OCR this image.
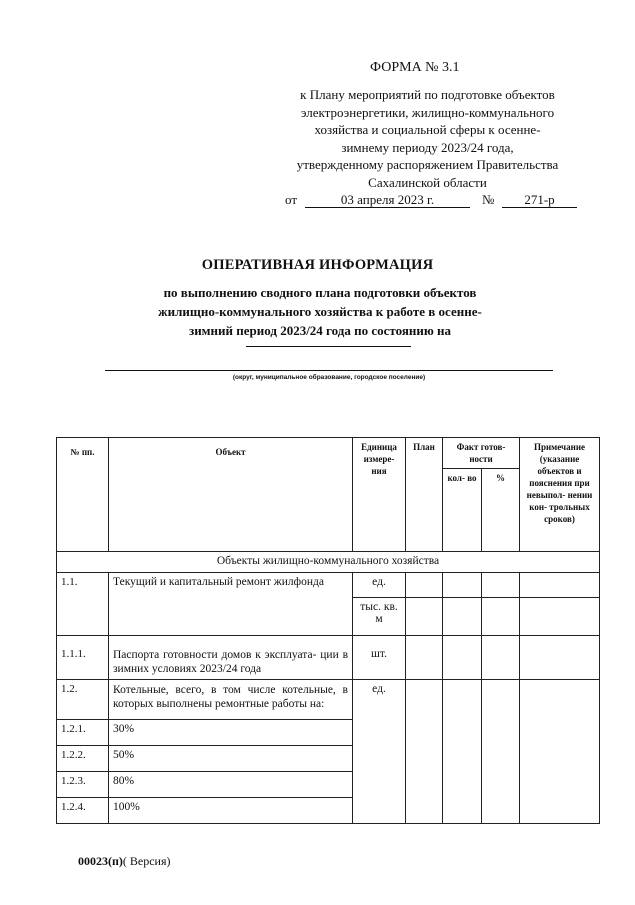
ФОРМА № 3.1
к Плану мероприятий по подготовке объектов
электроэнергетики, жилищно-коммунального
хозяйства и социальной сферы к осенне-
зимнему периоду 2023/24 года,
утвержденному распоряжением Правительства
Сахалинской области
от	03 апреля 2023 г.	№	271-р
ОПЕРАТИВНАЯ ИНФОРМАЦИЯ
по выполнению сводного плана подготовки объектов
жилищно-коммунального хозяйства к работе в осенне-
зимний период 2023/24 года по состоянию на
(округ, муниципальное образование, городское поселение)
№ пп.	Объект	Единица измере- ния	План	Факт готов- ности		Примечание (указание объектов и пояснения при невыпол- нении кон- трольных сроков)
				кол- во	%	
Объекты жилищно-коммунального хозяйства						
1.1.	Текущий и капитальный ремонт жилфонда	ед.				
		тыс. кв. м				
1.1.1.	Паспорта готовности домов к эксплуата- ции в зимних условиях 2023/24 года	шт.				
1.2.	Котельные, всего, в том числе котельные, в которых выполнены ремонтные работы на:	ед.				
1.2.1.	30%					
1.2.2.	50%					
1.2.3.	80%					
1.2.4.	100%					
00023(п)( Версия)
